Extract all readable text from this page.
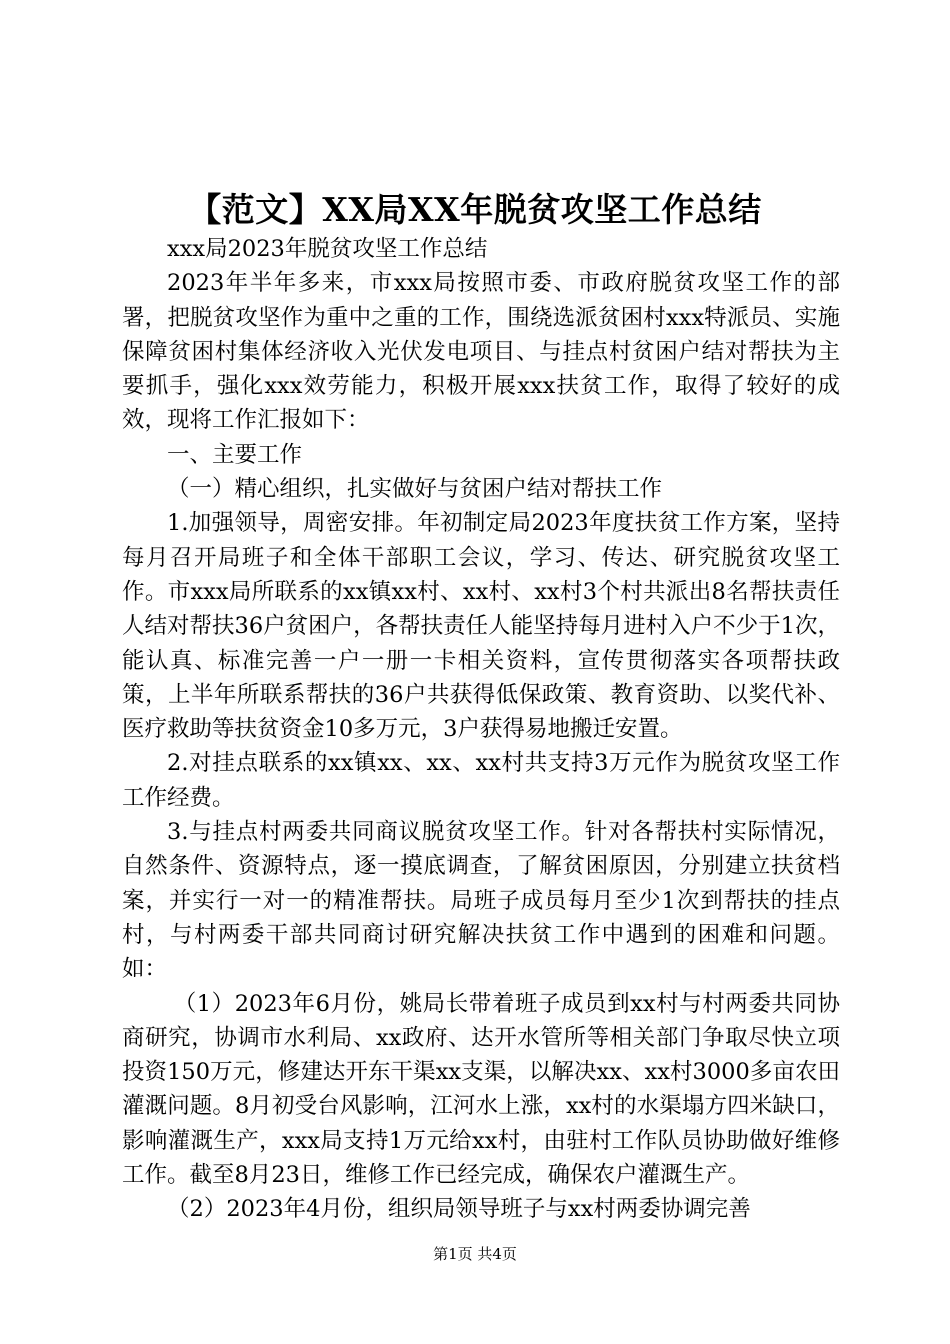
【范文】XX局XX年脱贫攻坚工作总结

xxx局2023年脱贫攻坚工作总结

2023年半年多来，市xxx局按照市委、市政府脱贫攻坚工作的部署，把脱贫攻坚作为重中之重的工作，围绕选派贫困村xxx特派员、实施保障贫困村集体经济收入光伏发电项目、与挂点村贫困户结对帮扶为主要抓手，强化xxx效劳能力，积极开展xxx扶贫工作，取得了较好的成效，现将工作汇报如下：

一、主要工作

（一）精心组织，扎实做好与贫困户结对帮扶工作

1.加强领导，周密安排。年初制定局2023年度扶贫工作方案，坚持每月召开局班子和全体干部职工会议，学习、传达、研究脱贫攻坚工作。市xxx局所联系的xx镇xx村、xx村、xx村3个村共派出8名帮扶责任人结对帮扶36户贫困户，各帮扶责任人能坚持每月进村入户不少于1次，能认真、标准完善一户一册一卡相关资料，宣传贯彻落实各项帮扶政策，上半年所联系帮扶的36户共获得低保政策、教育资助、以奖代补、医疗救助等扶贫资金10多万元，3户获得易地搬迁安置。

2.对挂点联系的xx镇xx、xx、xx村共支持3万元作为脱贫攻坚工作工作经费。

3.与挂点村两委共同商议脱贫攻坚工作。针对各帮扶村实际情况，自然条件、资源特点，逐一摸底调查，了解贫困原因，分别建立扶贫档案，并实行一对一的精准帮扶。局班子成员每月至少1次到帮扶的挂点村，与村两委干部共同商讨研究解决扶贫工作中遇到的困难和问题。如：

（1）2023年6月份，姚局长带着班子成员到xx村与村两委共同协商研究，协调市水利局、xx政府、达开水管所等相关部门争取尽快立项投资150万元，修建达开东干渠xx支渠，以解决xx、xx村3000多亩农田灌溉问题。8月初受台风影响，江河水上涨，xx村的水渠塌方四米缺口，影响灌溉生产，xxx局支持1万元给xx村，由驻村工作队员协助做好维修工作。截至8月23日，维修工作已经完成，确保农户灌溉生产。

（2）2023年4月份，组织局领导班子与xx村两委协调完善

第1页 共4页
